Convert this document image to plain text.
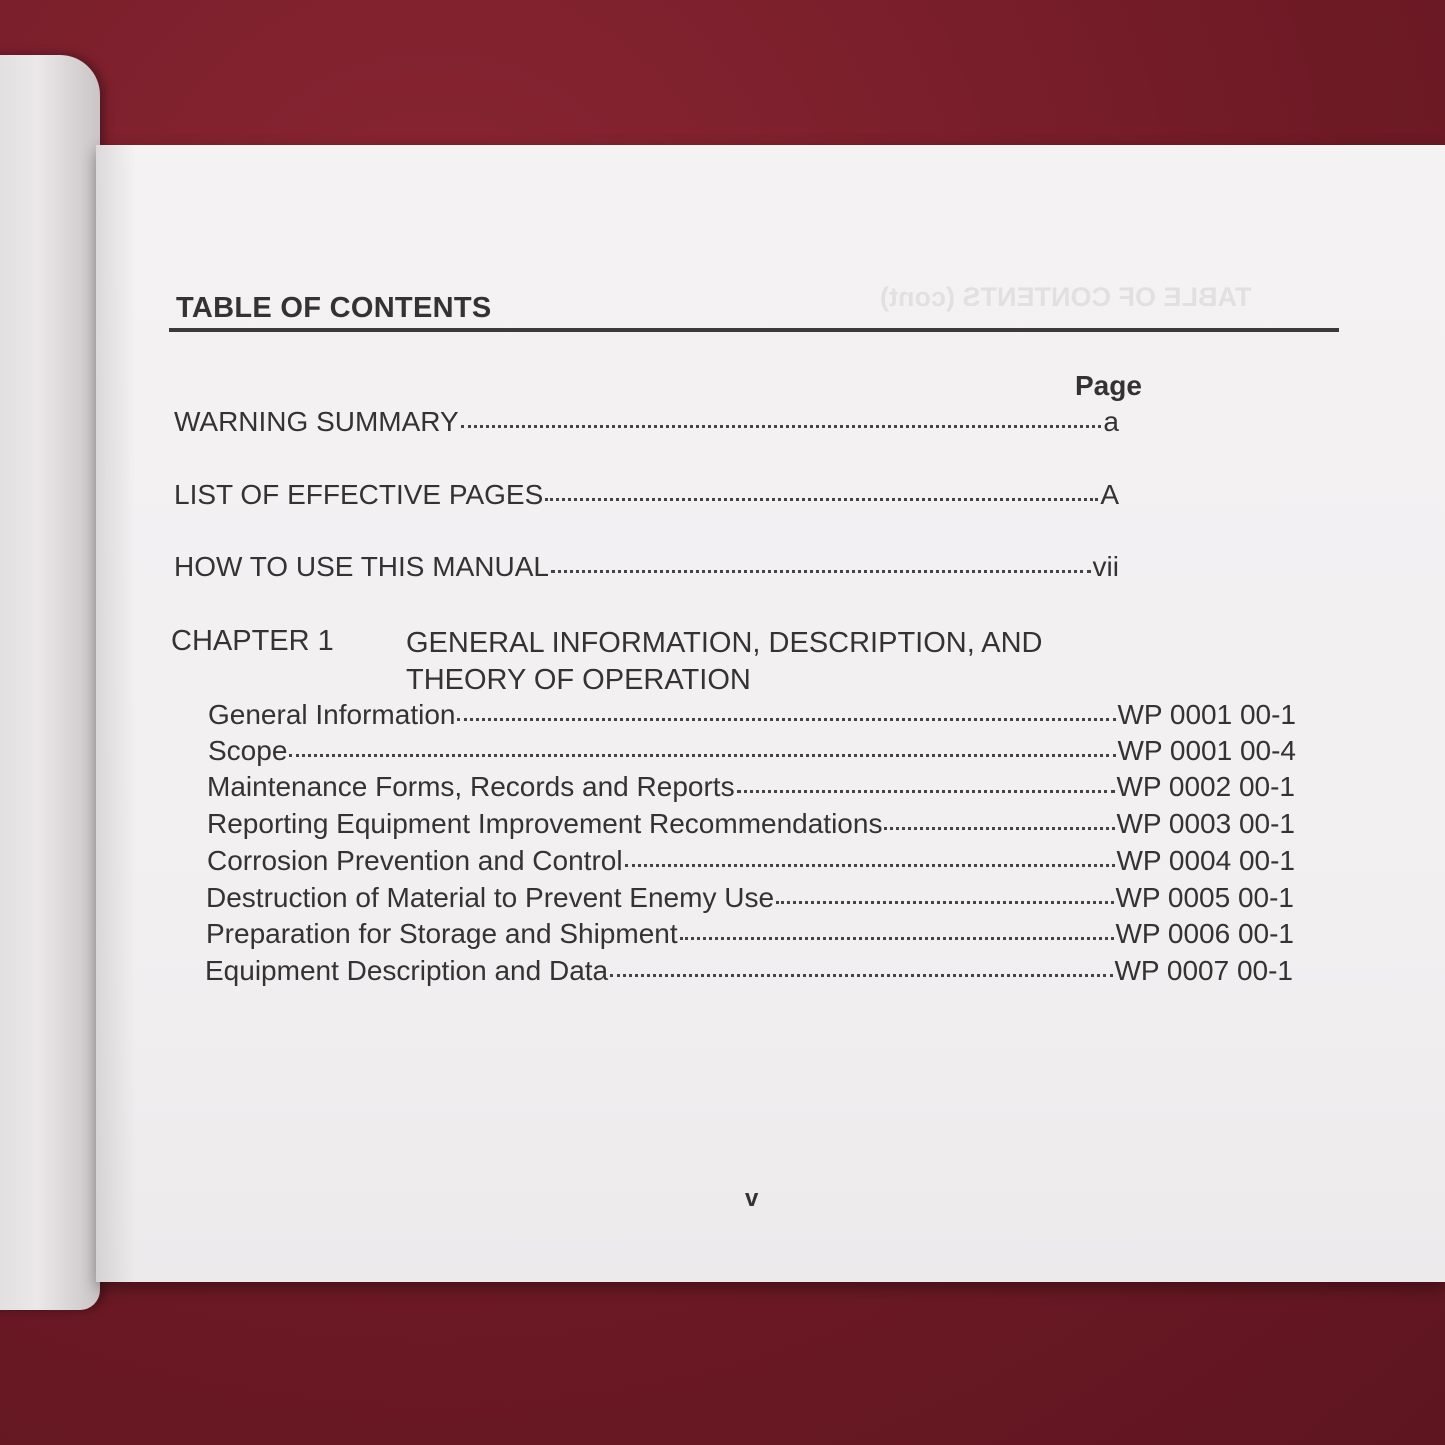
TABLE OF CONTENTS (cont)
TABLE OF CONTENTS
Page
WARNING SUMMARY	a
LIST OF EFFECTIVE PAGES	A
HOW TO USE THIS MANUAL	vii
CHAPTER 1 GENERAL INFORMATION, DESCRIPTION, AND THEORY OF OPERATION
General Information	WP 0001 00-1
Scope	WP 0001 00-4
Maintenance Forms, Records and Reports	WP 0002 00-1
Reporting Equipment Improvement Recommendations	WP 0003 00-1
Corrosion Prevention and Control	WP 0004 00-1
Destruction of Material to Prevent Enemy Use	WP 0005 00-1
Preparation for Storage and Shipment	WP 0006 00-1
Equipment Description and Data	WP 0007 00-1
v
